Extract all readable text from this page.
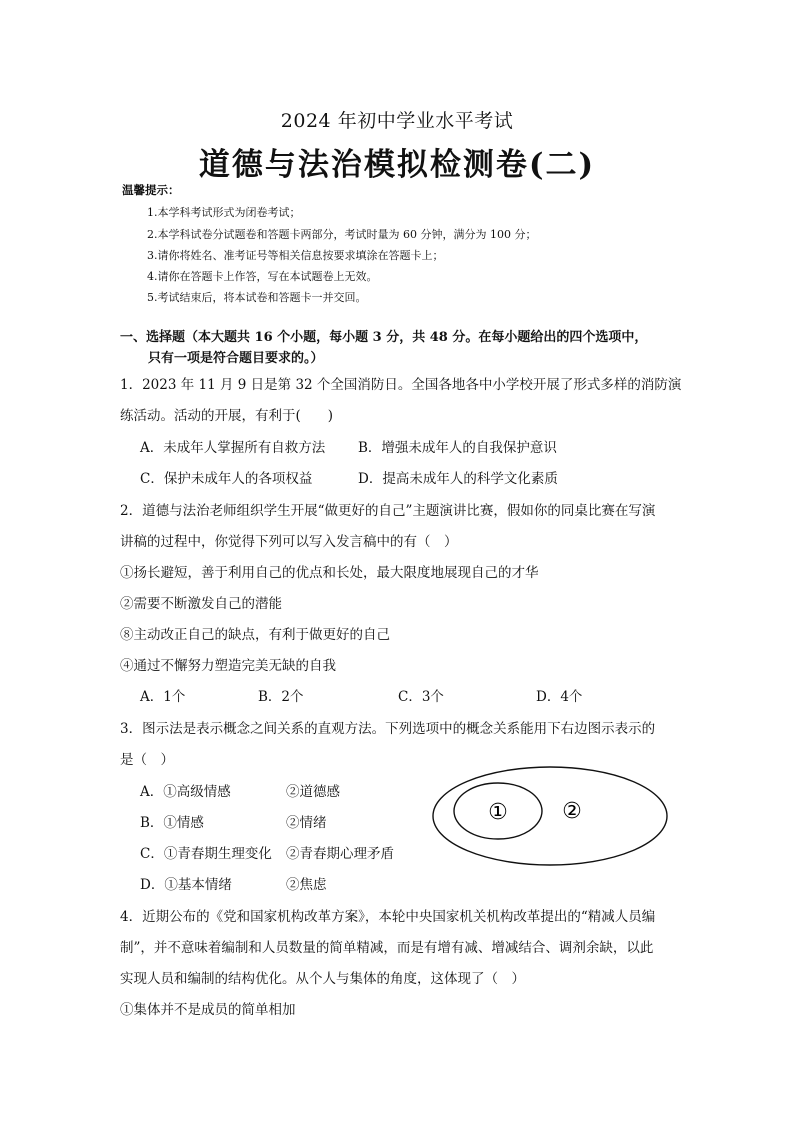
2024 年初中学业水平考试
道德与法治模拟检测卷(二)
温馨提示：
1.本学科考试形式为闭卷考试；
2.本学科试卷分试题卷和答题卡两部分，考试时量为 60 分钟，满分为 100 分；
3.请你将姓名、准考证号等相关信息按要求填涂在答题卡上；
4.请你在答题卡上作答，写在本试题卷上无效。
5.考试结束后，将本试卷和答题卡一并交回。
一、选择题（本大题共 16 个小题，每小题 3 分，共 48 分。在每小题给出的四个选项中，
只有一项是符合题目要求的。）
1．2023 年 11 月 9 日是第 32 个全国消防日。全国各地各中小学校开展了形式多样的消防演
练活动。活动的开展，有利于(　　)
A．未成年人掌握所有自救方法 B．增强未成年人的自我保护意识
C．保护未成年人的各项权益	D．提高未成年人的科学文化素质
2．道德与法治老师组织学生开展“做更好的自己”主题演讲比赛，假如你的同桌比赛在写演
讲稿的过程中，你觉得下列可以写入发言稿中的有（　）
①扬长避短，善于利用自己的优点和长处，最大限度地展现自己的才华
②需要不断激发自己的潜能
⑧主动改正自己的缺点，有利于做更好的自己
④通过不懈努力塑造完美无缺的自我
A．1个	B．2个	C．3个	D．4个
3．图示法是表示概念之间关系的直观方法。下列选项中的概念关系能用下右边图示表示的
是（　）
A．①高级情感	②道德感
B．①情感	②情绪
C．①青春期生理变化 ②青春期心理矛盾
D．①基本情绪	②焦虑
① ②
4．近期公布的《党和国家机构改革方案》，本轮中央国家机关机构改革提出的“精减人员编
制”，并不意味着编制和人员数量的简单精减，而是有增有减、增减结合、调剂余缺，以此
实现人员和编制的结构优化。从个人与集体的角度，这体现了（　）
①集体并不是成员的简单相加
